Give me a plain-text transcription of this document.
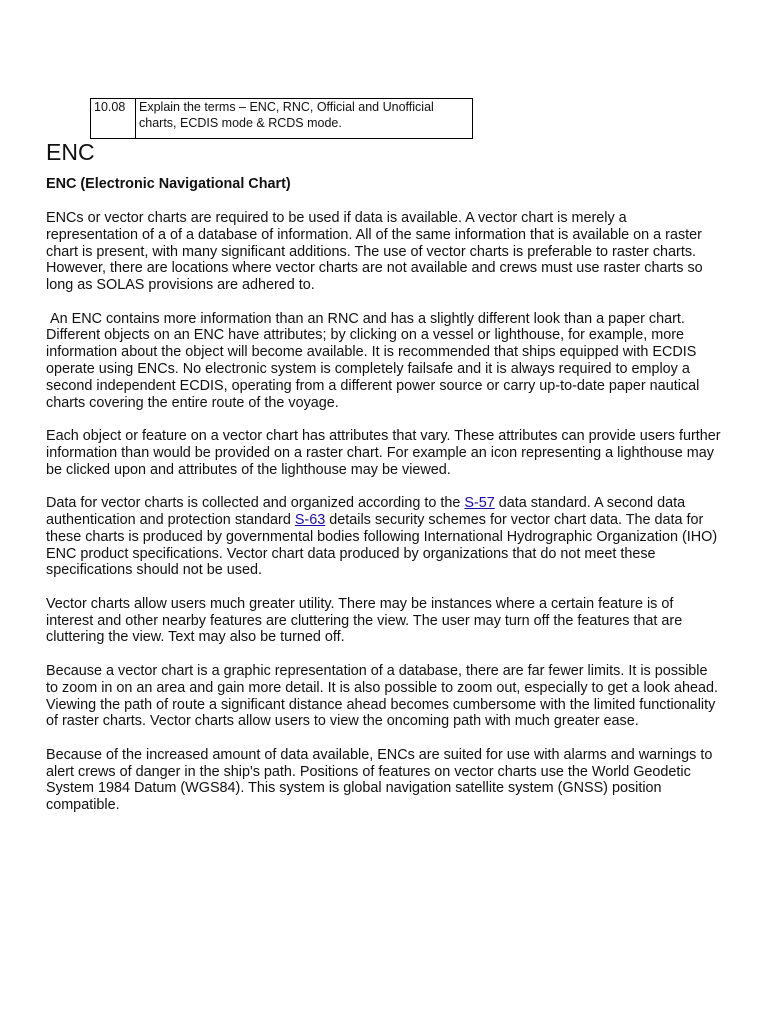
10.08	Explain the terms – ENC, RNC, Official and Unofficial charts, ECDIS mode & RCDS mode.
ENC

ENC (Electronic Navigational Chart)

ENCs or vector charts are required to be used if data is available. A vector chart is merely a representation of a of a database of information. All of the same information that is available on a raster chart is present, with many significant additions. The use of vector charts is preferable to raster charts. However, there are locations where vector charts are not available and crews must use raster charts so long as SOLAS provisions are adhered to.

An ENC contains more information than an RNC and has a slightly different look than a paper chart. Different objects on an ENC have attributes; by clicking on a vessel or lighthouse, for example, more information about the object will become available. It is recommended that ships equipped with ECDIS operate using ENCs. No electronic system is completely failsafe and it is always required to employ a second independent ECDIS, operating from a different power source or carry up-to-date paper nautical charts covering the entire route of the voyage.

Each object or feature on a vector chart has attributes that vary. These attributes can provide users further information than would be provided on a raster chart. For example an icon representing a lighthouse may be clicked upon and attributes of the lighthouse may be viewed.

Data for vector charts is collected and organized according to the S-57 data standard. A second data authentication and protection standard S-63 details security schemes for vector chart data. The data for these charts is produced by governmental bodies following International Hydrographic Organization (IHO) ENC product specifications. Vector chart data produced by organizations that do not meet these specifications should not be used.

Vector charts allow users much greater utility. There may be instances where a certain feature is of interest and other nearby features are cluttering the view. The user may turn off the features that are cluttering the view. Text may also be turned off.

Because a vector chart is a graphic representation of a database, there are far fewer limits. It is possible to zoom in on an area and gain more detail. It is also possible to zoom out, especially to get a look ahead. Viewing the path of route a significant distance ahead becomes cumbersome with the limited functionality of raster charts. Vector charts allow users to view the oncoming path with much greater ease.

Because of the increased amount of data available, ENCs are suited for use with alarms and warnings to alert crews of danger in the ship's path. Positions of features on vector charts use the World Geodetic System 1984 Datum (WGS84). This system is global navigation satellite system (GNSS) position compatible.
